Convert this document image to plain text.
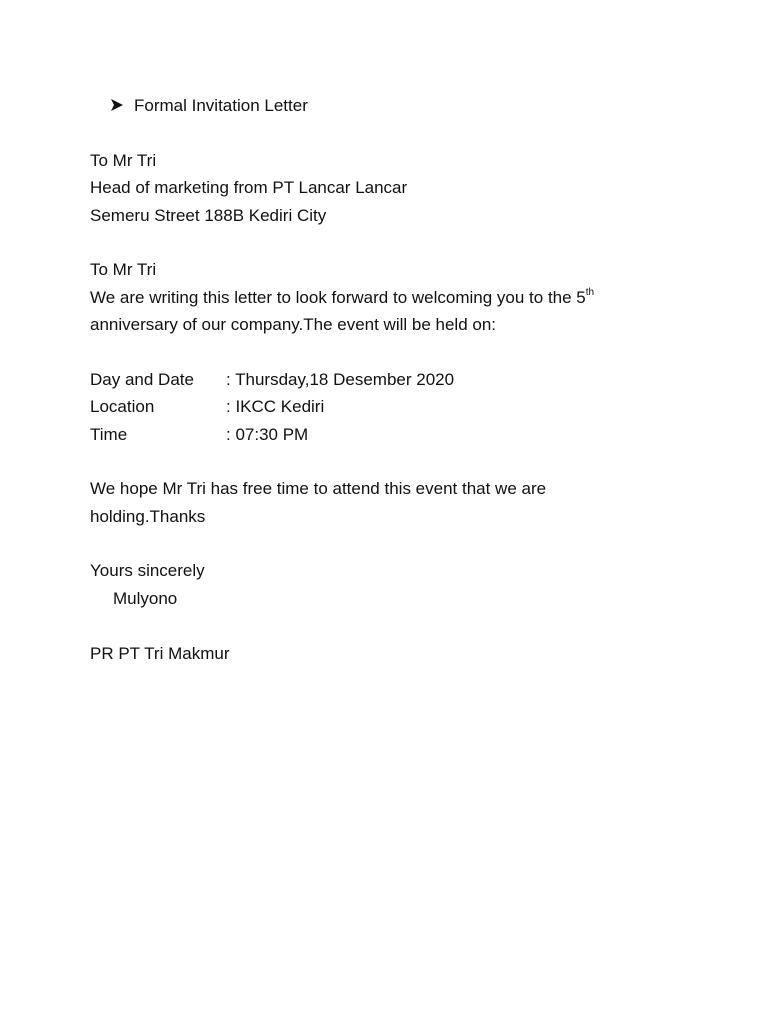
Formal Invitation Letter
To Mr Tri
Head of marketing from PT Lancar Lancar
Semeru Street 188B Kediri City
To Mr Tri
We are writing this letter to look forward to welcoming you to the 5th
anniversary of our company.The event will be held on:
Day and Date : Thursday,18 Desember 2020
Location	: IKCC Kediri
Time	: 07:30 PM
We hope Mr Tri has free time to attend this event that we are
holding.Thanks
Yours sincerely
Mulyono
PR PT Tri Makmur
